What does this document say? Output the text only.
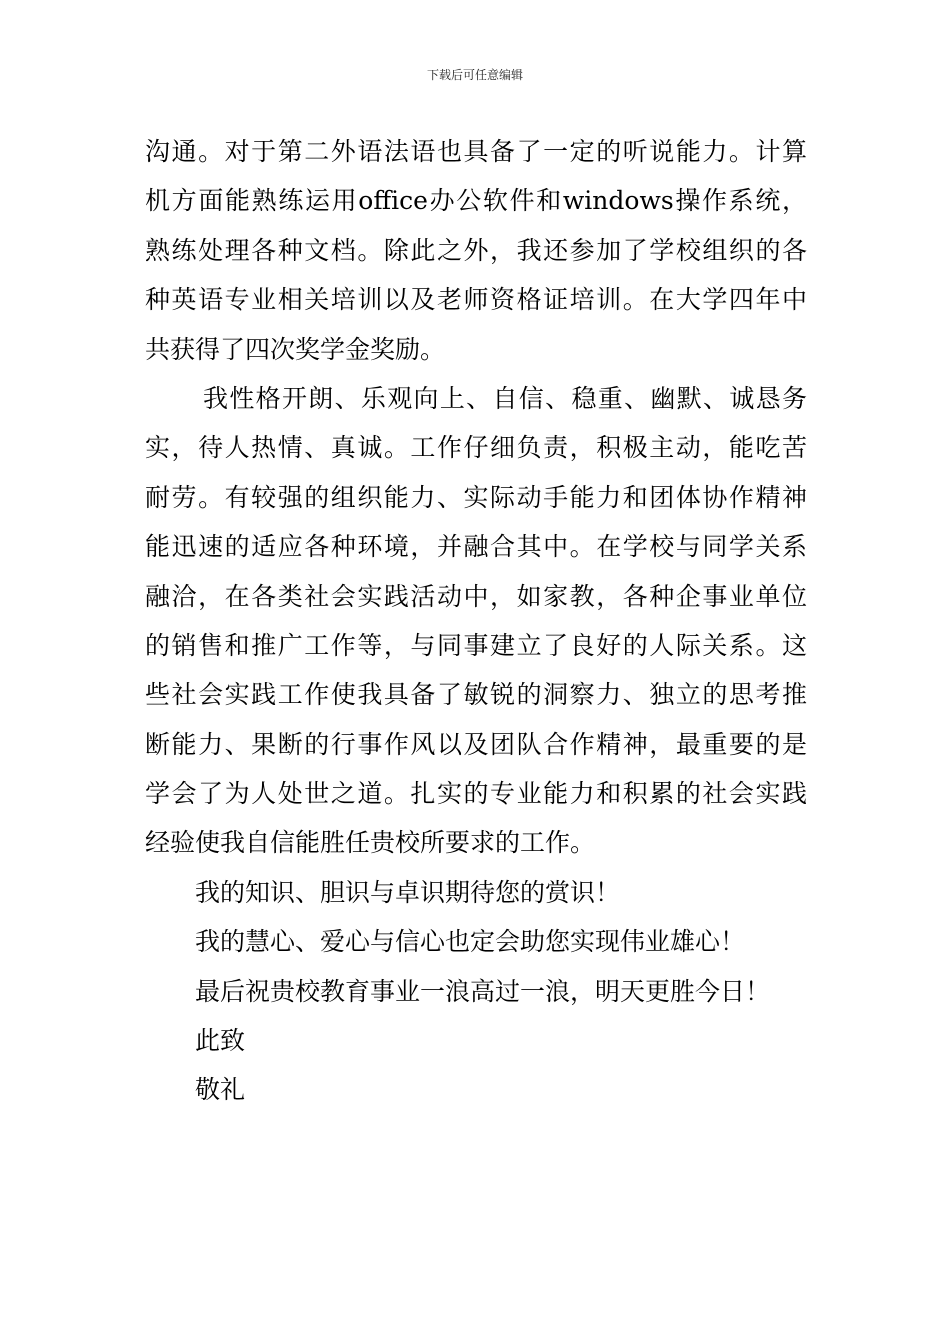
下载后可任意编辑
沟通。对于第二外语法语也具备了一定的听说能力。计算
机方面能熟练运用office办公软件和windows操作系统，
熟练处理各种文档。除此之外，我还参加了学校组织的各
种英语专业相关培训以及老师资格证培训。在大学四年中
共获得了四次奖学金奖励。
我性格开朗、乐观向上、自信、稳重、幽默、诚恳务
实，待人热情、真诚。工作仔细负责，积极主动，能吃苦
耐劳。有较强的组织能力、实际动手能力和团体协作精神
能迅速的适应各种环境，并融合其中。在学校与同学关系
融洽，在各类社会实践活动中，如家教，各种企事业单位
的销售和推广工作等，与同事建立了良好的人际关系。这
些社会实践工作使我具备了敏锐的洞察力、独立的思考推
断能力、果断的行事作风以及团队合作精神，最重要的是
学会了为人处世之道。扎实的专业能力和积累的社会实践
经验使我自信能胜任贵校所要求的工作。
我的知识、胆识与卓识期待您的赏识！
我的慧心、爱心与信心也定会助您实现伟业雄心！
最后祝贵校教育事业一浪高过一浪，明天更胜今日！
此致
敬礼
